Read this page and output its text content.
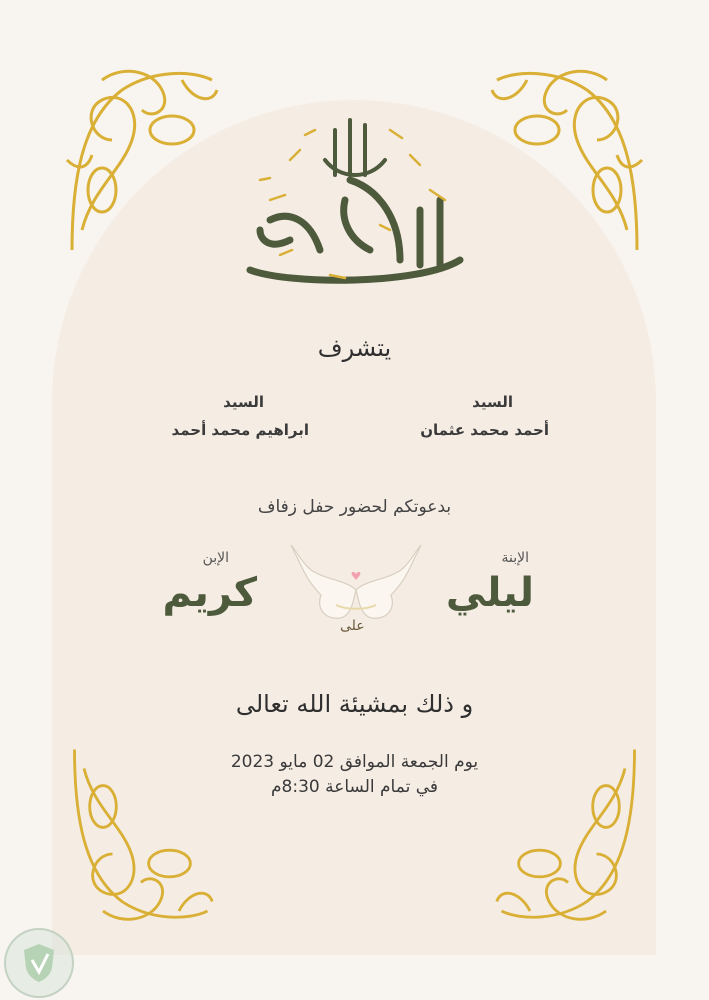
يتشرف
السيد
أحمد محمد عثمان
السيد
ابراهيم محمد أحمد
بدعوتكم لحضور حفل زفاف
الإبنة
ليلي
الإبن
كريم
على
و ذلك بمشيئة الله تعالى
يوم الجمعة الموافق 02 مايو 2023
في تمام الساعة 8:30م
